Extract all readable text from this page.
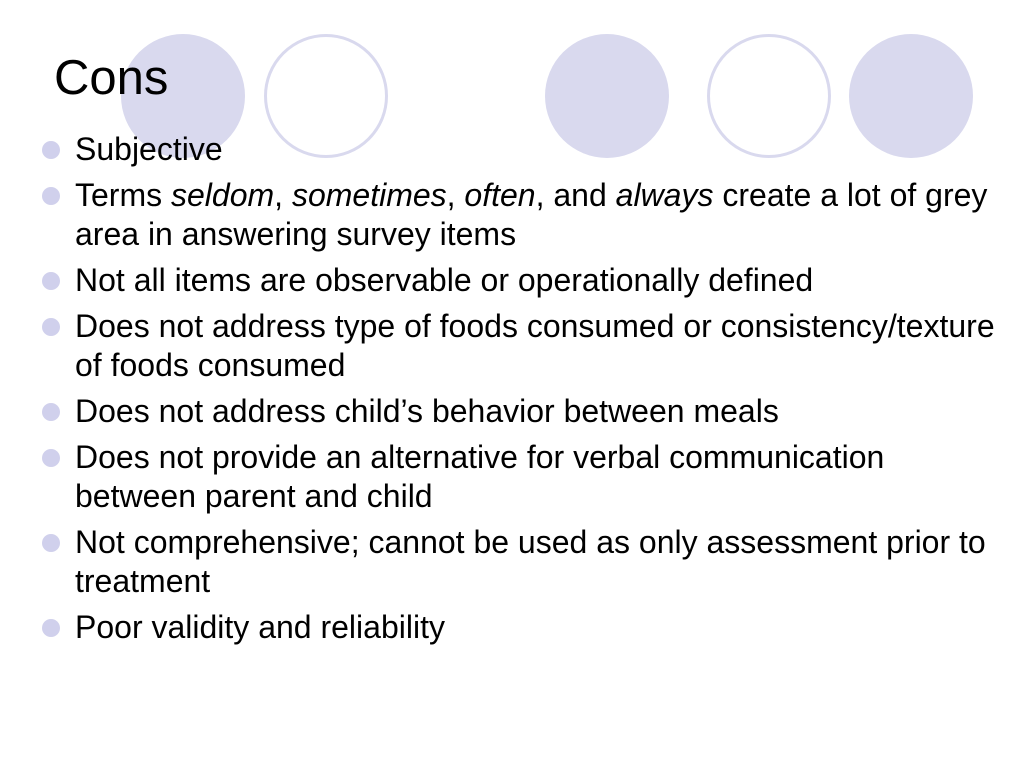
Cons
Subjective
Terms seldom, sometimes, often, and always create a lot of grey area in answering survey items
Not all items are observable or operationally defined
Does not address type of foods consumed or consistency/texture of foods consumed
Does not address child’s behavior between meals
Does not provide an alternative for verbal communication between parent and child
Not comprehensive; cannot be used as only assessment prior to treatment
Poor validity and reliability
